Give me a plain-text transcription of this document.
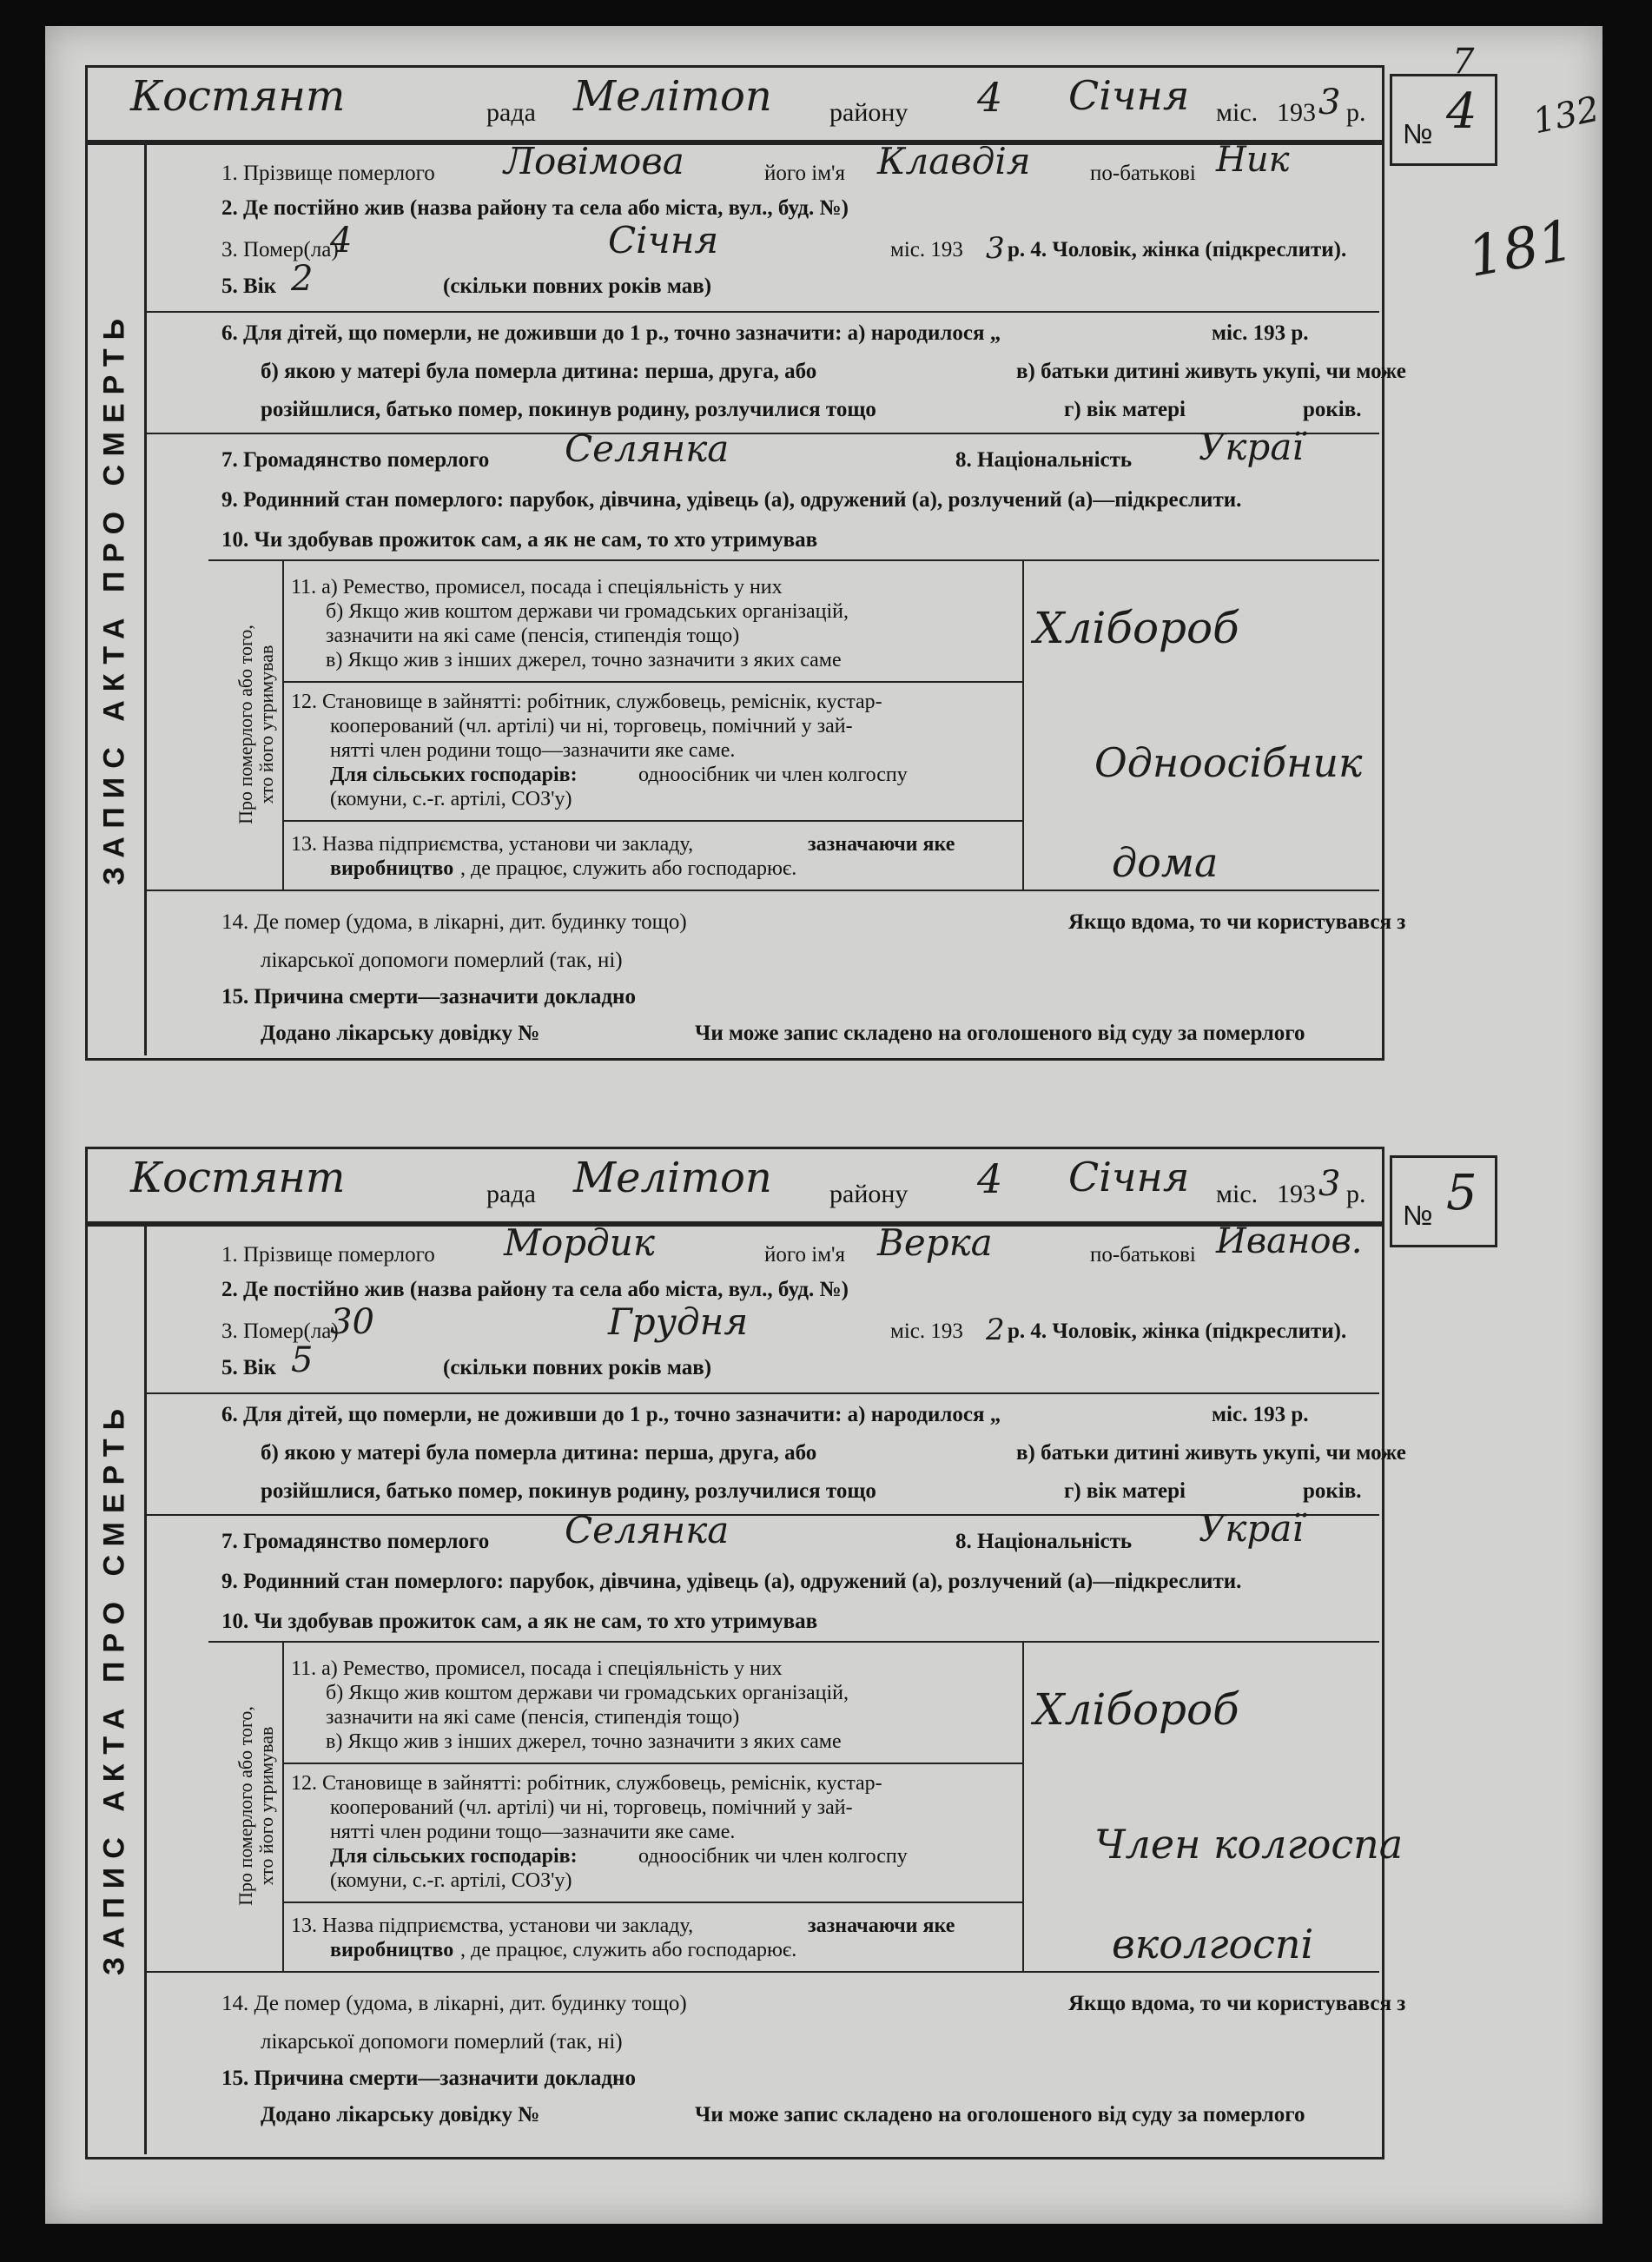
132
7
181
Костянт	рада Мелітоп району 4 Січня міс. 193 3 р.
№ 4
ЗАПИС АКТА ПРО СМЕРТЬ
1. Прізвище померлого Ловімова	його ім'я Клавдія	по-батькові Ник
2. Де постійно жив (назва району та села або міста, вул., буд. №)
3. Помер(ла)
4	Січня	міс. 193 3 р. 4. Чоловік, жінка (підкреслити).
5. Вік 2	(скільки повних років мав)
6. Для дітей, що померли, не доживши до 1 р., точно зазначити: а) народилося „	міс. 193 р.
б) якою у матері була померла дитина: перша, друга, або	в) батьки дитині живуть укупі, чи може
розійшлися, батько помер, покинув родину, розлучилися тощо	г) вік матері	років.
7. Громадянство померлого Селянка	8. Національність Украї
9. Родинний стан померлого: парубок, дівчина, удівець (а), одружений (а), розлучений (а)—підкреслити.
10. Чи здобував прожиток сам, а як не сам, то хто утримував
Про померлого або того,
хто його утримував
11. а) Ремество, промисел, посада і спеціяльність у них
б) Якщо жив коштом держави чи громадських організацій,
зазначити на які саме (пенсія, стипендія тощо)
в) Якщо жив з інших джерел, точно зазначити з яких саме
Хлібороб
12. Становище в зайнятті: робітник, службовець, реміснік, кустар-
кооперований (чл. артілі) чи ні, торговець, помічний у зай-
нятті член родини тощо—зазначити яке саме.
Для сільських господарів:	одноосібник чи член колгоспу
(комуни, с.-г. артілі, СОЗ'у)
Одноосібник
13. Назва підприємства, установи чи закладу,	зазначаючи яке
виробництво , де працює, служить або господарює.	дома
14. Де помер (удома, в лікарні, дит. будинку тощо)	Якщо вдома, то чи користувався з
лікарської допомоги померлий (так, ні)
15. Причина смерти—зазначити докладно
Додано лікарську довідку №	Чи може запис складено на оголошеного від суду за померлого
Костянт	рада Мелітоп району 4 Січня міс. 193 3 р.
№ 5
ЗАПИС АКТА ПРО СМЕРТЬ
1. Прізвище померлого Мордик	його ім'я Верка	по-батькові Иванов.
2. Де постійно жив (назва району та села або міста, вул., буд. №)
3. Помер(ла)
30	Грудня	міс. 193 2 р. 4. Чоловік, жінка (підкреслити).
5. Вік 5	(скільки повних років мав)
6. Для дітей, що померли, не доживши до 1 р., точно зазначити: а) народилося „	міс. 193 р.
б) якою у матері була померла дитина: перша, друга, або	в) батьки дитині живуть укупі, чи може
розійшлися, батько помер, покинув родину, розлучилися тощо	г) вік матері	років.
7. Громадянство померлого Селянка	8. Національність Украї
9. Родинний стан померлого: парубок, дівчина, удівець (а), одружений (а), розлучений (а)—підкреслити.
10. Чи здобував прожиток сам, а як не сам, то хто утримував
Про померлого або того,
хто його утримував
11. а) Ремество, промисел, посада і спеціяльність у них
б) Якщо жив коштом держави чи громадських організацій,
зазначити на які саме (пенсія, стипендія тощо)
в) Якщо жив з інших джерел, точно зазначити з яких саме
Хлібороб
12. Становище в зайнятті: робітник, службовець, реміснік, кустар-
кооперований (чл. артілі) чи ні, торговець, помічний у зай-
нятті член родини тощо—зазначити яке саме.
Для сільських господарів:	одноосібник чи член колгоспу
(комуни, с.-г. артілі, СОЗ'у)
Член колгоспа
13. Назва підприємства, установи чи закладу,	зазначаючи яке
виробництво , де працює, служить або господарює.	вколгоспі
14. Де помер (удома, в лікарні, дит. будинку тощо)	Якщо вдома, то чи користувався з
лікарської допомоги померлий (так, ні)
15. Причина смерти—зазначити докладно
Додано лікарську довідку №	Чи може запис складено на оголошеного від суду за померлого
